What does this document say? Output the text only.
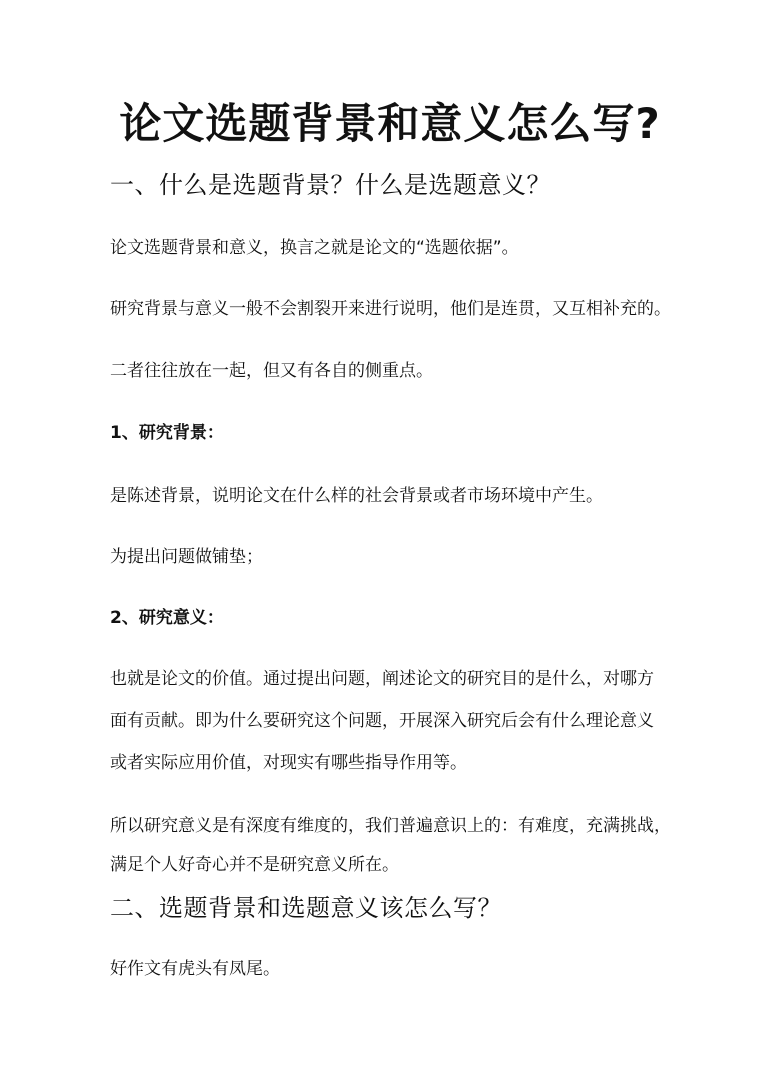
论文选题背景和意义怎么写?
一、什么是选题背景？什么是选题意义？
论文选题背景和意义，换言之就是论文的“选题依据”。
研究背景与意义一般不会割裂开来进行说明，他们是连贯，又互相补充的。
二者往往放在一起，但又有各自的侧重点。
1、研究背景：
是陈述背景，说明论文在什么样的社会背景或者市场环境中产生。
为提出问题做铺垫；
2、研究意义：
也就是论文的价值。通过提出问题，阐述论文的研究目的是什么，对哪方
面有贡献。即为什么要研究这个问题，开展深入研究后会有什么理论意义
或者实际应用价值，对现实有哪些指导作用等。
所以研究意义是有深度有维度的，我们普遍意识上的：有难度，充满挑战，
满足个人好奇心并不是研究意义所在。
二、选题背景和选题意义该怎么写？
好作文有虎头有凤尾。
